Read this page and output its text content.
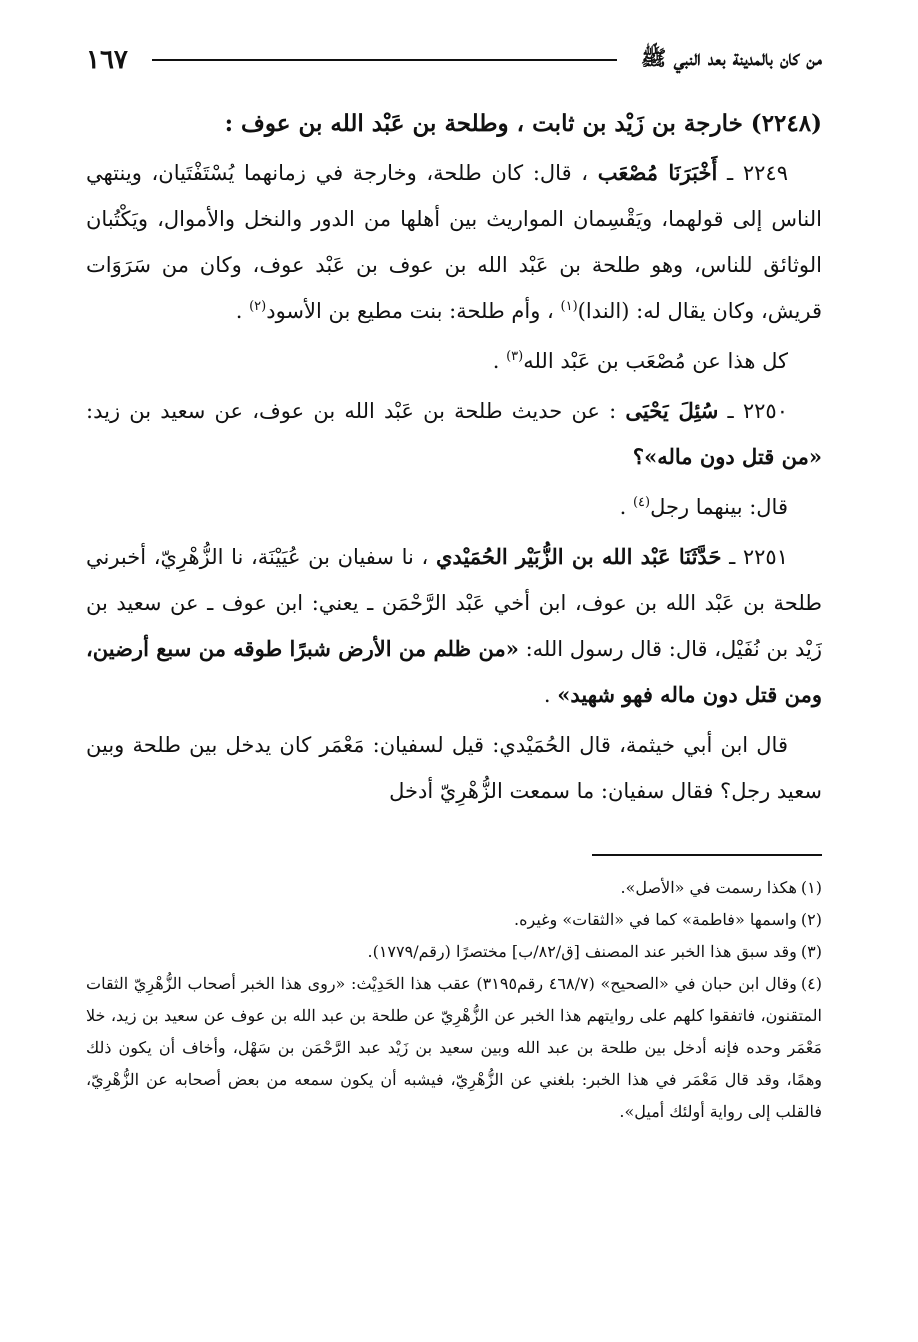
من كان بالمدينة بعد النبي ﷺ
١٦٧
(٢٢٤٨) خارجة بن زَيْد بن ثابت ، وطلحة بن عَبْد الله بن عوف :

٢٢٤٩ ـ أَخْبَرَنَا مُصْعَب ، قال: كان طلحة، وخارجة في زمانهما يُسْتَفْتَيان، وينتهي الناس إلى قولهما، ويَقْسِمان المواريث بين أهلها من الدور والنخل والأموال، ويَكْتُبان الوثائق للناس، وهو طلحة بن عَبْد الله بن عوف بن عَبْد عوف، وكان من سَرَوَات قريش، وكان يقال له: (الندا)$^{(١)}$ ، وأم طلحة: بنت مطيع بن الأسود$^{(٢)}$ .

كل هذا عن مُصْعَب بن عَبْد الله$^{(٣)}$ .

٢٢٥٠ ـ سُئِلَ يَحْيَى : عن حديث طلحة بن عَبْد الله بن عوف، عن سعيد بن زيد: «من قتل دون ماله»؟

قال: بينهما رجل$^{(٤)}$ .

٢٢٥١ ـ حَدَّثَنَا عَبْد الله بن الزُّبَيْر الحُمَيْدي ، نا سفيان بن عُيَيْنَة، نا الزُّهْرِيّ، أخبرني طلحة بن عَبْد الله بن عوف، ابن أخي عَبْد الرَّحْمَن ـ يعني: ابن عوف ـ عن سعيد بن زَيْد بن نُفَيْل، قال: قال رسول الله: «من ظلم من الأرض شبرًا طوقه من سبع أرضين، ومن قتل دون ماله فهو شهيد» .

قال ابن أبي خيثمة، قال الحُمَيْدي: قيل لسفيان: مَعْمَر كان يدخل بين طلحة وبين سعيد رجل؟ فقال سفيان: ما سمعت الزُّهْرِيّ أدخل

(١)هكذا رسمت في «الأصل».

(٢)واسمها «فاطمة» كما في «الثقات» وغيره.

(٣)وقد سبق هذا الخبر عند المصنف [ق/٨٢/ب] مختصرًا (رقم/١٧٧٩).

(٤)وقال ابن حبان في «الصحيح» (٤٦٨/٧ رقم٣١٩٥) عقب هذا الحَدِيْث: «روى هذا الخبر أصحاب الزُّهْرِيّ الثقات المتقنون، فاتفقوا كلهم على روايتهم هذا الخبر عن الزُّهْرِيّ عن طلحة بن عبد الله بن عوف عن سعيد بن زيد، خلا مَعْمَر وحده فإنه أدخل بين طلحة بن عبد الله وبين سعيد بن زَيْد عبد الرَّحْمَن بن سَهْل، وأخاف أن يكون ذلك وهمًا، وقد قال مَعْمَر في هذا الخبر: بلغني عن الزُّهْرِيّ، فيشبه أن يكون سمعه من بعض أصحابه عن الزُّهْرِيّ، فالقلب إلى رواية أولئك أميل».
